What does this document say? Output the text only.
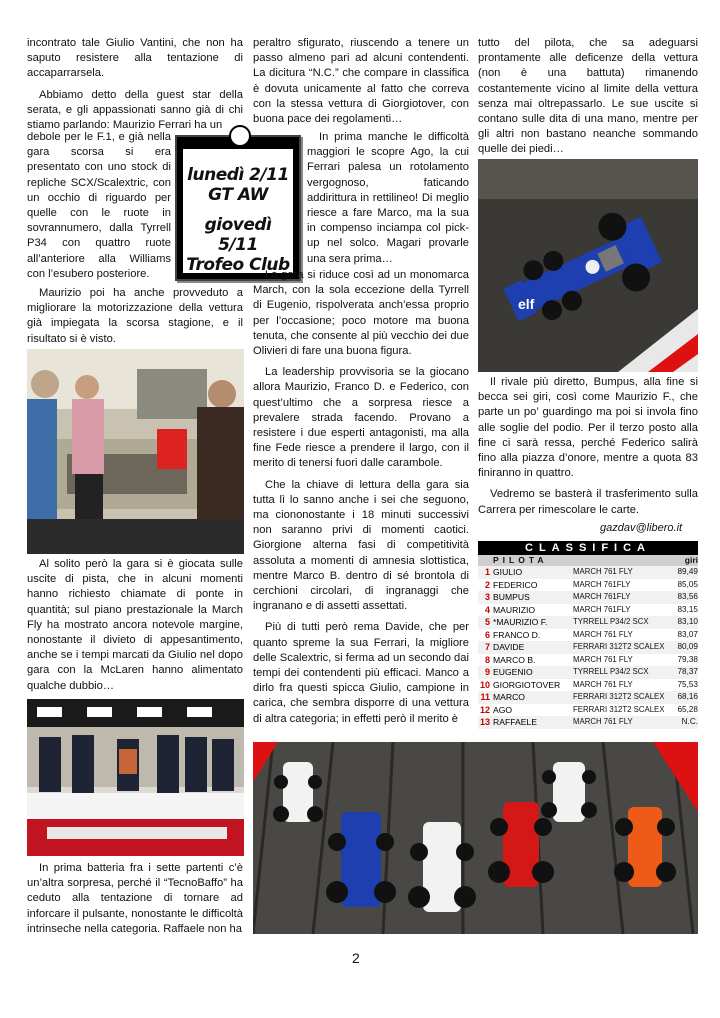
incontrato tale Giulio Vantini, che non ha saputo resistere alla tentazione di accaparrarsela.

Abbiamo detto della guest star della serata, e gli appassionati sanno già di chi stiamo parlando: Maurizio Ferrari ha un

debole per le F.1, e già nella gara scorsa si era presentato con uno stock di repliche SCX/Scalextric, con un occhio di riguardo per quelle con le ruote in sovrannumero, dalla Tyrrell P34 con quattro ruote all’anteriore alla Williams con l’esubero posteriore.

Maurizio poi ha anche provveduto a migliorare la motorizzazione della vettura già impiegata la scorsa stagione, e il risultato si è visto.

Al solito però la gara si è giocata sulle uscite di pista, che in alcuni momenti hanno richiesto chiamate di ponte in quantità; sul piano prestazionale la March Fly ha mostrato ancora notevole margine, nonostante il divieto di appesantimento, anche se i tempi marcati da Giulio nel dopo gara con la McLaren hanno alimentato qualche dubbio…

In prima batteria fra i sette partenti c’è un’altra sorpresa, perché il “TecnoBaffo” ha ceduto alla tentazione di tornare ad inforcare il pulsante, nonostante le difficoltà intrinseche nella categoria. Raffaele non ha

lunedì 2/11
GT AW
giovedì 5/11
Trofeo Club

peraltro sfigurato, riuscendo a tenere un passo almeno pari ad alcuni contendenti. La dicitura “N.C.” che compare in classifica è dovuta unicamente al fatto che correva con la stessa vettura di Giorgiotover, con buona pace dei regolamenti…

In prima manche le difficoltà maggiori le scopre Ago, la cui Ferrari palesa un rotolamento vergognoso, faticando addirittura in rettilineo! Di meglio riesce a fare Marco, ma la sua in compenso inciampa col pick-up nel solco. Magari provarle una sera prima…

La gara si riduce così ad un monomarca March, con la sola eccezione della Tyrrell di Eugenio, rispolverata anch’essa proprio per l’occasione; poco motore ma buona tenuta, che consente al più vecchio dei due Olivieri di fare una buona figura.

La leadership provvisoria se la giocano allora Maurizio, Franco D. e Federico, con quest’ultimo che a sorpresa riesce a prevalere strada facendo. Provano a resistere i due esperti antagonisti, ma alla fine Fede riesce a prendere il largo, con il merito di tenersi fuori dalle carambole.

Che la chiave di lettura della gara sia tutta lì lo sanno anche i sei che seguono, ma ciononostante i 18 minuti successivi non saranno privi di momenti caotici. Giorgione alterna fasi di competitività assoluta a momenti di amnesia slottistica, mentre Marco B. dentro di sé brontola di cerchioni circolari, di ingranaggi che ingranano e di assetti assettati.

Più di tutti però rema Davide, che per quanto spreme la sua Ferrari, la migliore delle Scalextric, si ferma ad un secondo dai tempi dei contendenti più efficaci. Manco a dirlo fra questi spicca Giulio, campione in carica, che sembra disporre di una vettura di altra categoria; in effetti però il merito è

tutto del pilota, che sa adeguarsi prontamente alle deficenze della vettura (non è una battuta) rimanendo costantemente vicino al limite della vettura senza mai oltrepassarlo. Le sue uscite si contano sulle dita di una mano, mentre per gli altri non bastano neanche sommando quelle dei piedi…

elf

Il rivale più diretto, Bumpus, alla fine si becca sei giri, così come Maurizio F., che parte un po’ guardingo ma poi si invola fino alle soglie del podio. Per il terzo posto alla fine ci sarà ressa, perché Federico salirà fino alla piazza d’onore, mentre a quota 83 finiranno in quattro.

Vedremo se basterà il trasferimento sulla Carrera per rimescolare le carte.

gazdav@libero.it
CLASSIFICA
PILOTA	giri
1 GIULIO	MARCH 761 FLY	89,49
2 FEDERICO	MARCH 761FLY	85,05
3 BUMPUS	MARCH 761FLY	83,56
4 MAURIZIO	MARCH 761FLY	83,15
5 *MAURIZIO F.	TYRRELL P34/2 SCX	83,10
6 FRANCO D.	MARCH 761 FLY	83,07
7 DAVIDE	FERRARI 312T2 SCALEX	80,09
8 MARCO B.	MARCH 761 FLY	79,38
9 EUGENIO	TYRRELL P34/2 SCX	78,37
10 GIORGIOTOVER	MARCH 761 FLY	75,53
11 MARCO	FERRARI 312T2 SCALEX	68,16
12 AGO	FERRARI 312T2 SCALEX	65,28
13 RAFFAELE	MARCH 761 FLY	N.C.
2
